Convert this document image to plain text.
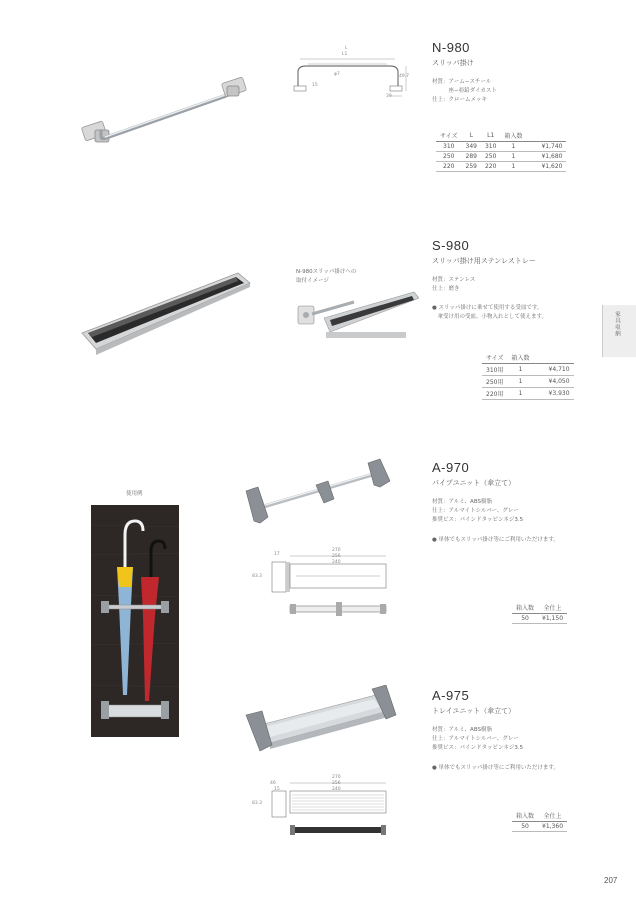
L1
L
φ7
15
49.7
39
N-980
スリッパ掛け
材質：アーム−スチール
　　　座−亜鉛ダイカスト
仕上：クロームメッキ
サイズ	L	L1	箱入数	
310	349	310	1	¥1,740
250	289	250	1	¥1,680
220	259	220	1	¥1,620
N-980スリッパ掛けへの
取付イメージ
S-980
スリッパ掛け用ステンレストレー
材質：ステンレス
仕上：磨き
● スリッパ掛けに乗せて使用する受皿です。
　傘受け用の受皿、小物入れとして使えます。
サイズ	箱入数	
310用	1	¥4,710
250用	1	¥4,050
220用	1	¥3,930
家具収納
使用例
270
256
240
17
83.3
A-970
パイプユニット（傘立て）
材質：アルミ、ABS樹脂
仕上：アルマイトシルバー、グレー
推奨ビス：バインドタッピンネジ3.5
● 単体でもスリッパ掛け等にご利用いただけます。
箱入数	全仕上
50	¥1,150
270
256
240
46
15
83.3
A-975
トレイユニット（傘立て）
材質：アルミ、ABS樹脂
仕上：アルマイトシルバー、グレー
推奨ビス：バインドタッピンネジ3.5
● 単体でもスリッパ掛け等にご利用いただけます。
箱入数	全仕上
50	¥1,360
207
